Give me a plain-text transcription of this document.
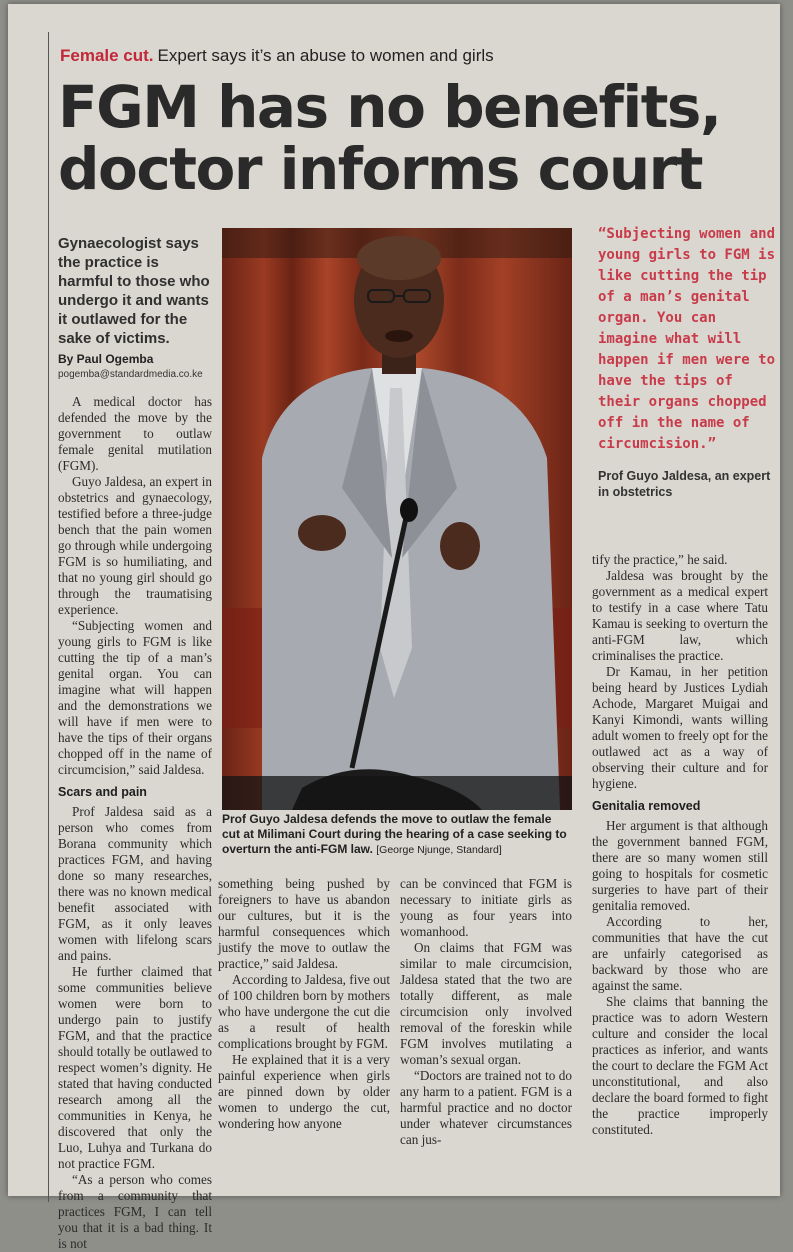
Female cut. Expert says it’s an abuse to women and girls
FGM has no benefits,
doctor informs court
Gynaecologist says the practice is harmful to those who undergo it and wants it outlawed for the sake of victims.
By Paul Ogemba
pogemba@standardmedia.co.ke

A medical doctor has defended the move by the government to outlaw female genital mutilation (FGM).

Guyo Jaldesa, an expert in obstetrics and gynaecology, testified before a three-judge bench that the pain women go through while undergoing FGM is so humiliating, and that no young girl should go through the traumatising experience.

“Subjecting women and young girls to FGM is like cutting the tip of a man’s genital organ. You can imagine what will happen and the demonstrations we will have if men were to have the tips of their organs chopped off in the name of circumcision,” said Jaldesa.

Scars and pain

Prof Jaldesa said as a person who comes from Borana community which practices FGM, and having done so many researches, there was no known medical benefit associated with FGM, as it only leaves women with lifelong scars and pains.

He further claimed that some communities believe women were born to undergo pain to justify FGM, and that the practice should totally be outlawed to respect women’s dignity. He stated that having conducted research among all the communities in Kenya, he discovered that only the Luo, Luhya and Turkana do not practice FGM.

“As a person who comes from a community that practices FGM, I can tell you that it is a bad thing. It is not

Prof Guyo Jaldesa defends the move to outlaw the female cut at Milimani Court during the hearing of a case seeking to overturn the anti-FGM law. [George Njunge, Standard]

something being pushed by foreigners to have us abandon our cultures, but it is the harmful consequences which justify the move to outlaw the practice,” said Jaldesa.

According to Jaldesa, five out of 100 children born by mothers who have undergone the cut die as a result of health complications brought by FGM.

He explained that it is a very painful experience when girls are pinned down by older women to undergo the cut, wondering how anyone

can be convinced that FGM is necessary to initiate girls as young as four years into womanhood.

On claims that FGM was similar to male circumcision, Jaldesa stated that the two are totally different, as male circumcision only involved removal of the foreskin while FGM involves mutilating a woman’s sexual organ.

“Doctors are trained not to do any harm to a patient. FGM is a harmful practice and no doctor under whatever circumstances can jus-

“Subjecting women and young girls to FGM is like cutting the tip of a man’s genital organ. You can imagine what will happen if men were to have the tips of their organs chopped off in the name of circumcision.”
Prof Guyo Jaldesa, an expert in obstetrics

tify the practice,” he said.

Jaldesa was brought by the government as a medical expert to testify in a case where Tatu Kamau is seeking to overturn the anti-FGM law, which criminalises the practice.

Dr Kamau, in her petition being heard by Justices Lydiah Achode, Margaret Muigai and Kanyi Kimondi, wants willing adult women to freely opt for the outlawed act as a way of observing their culture and for hygiene.

Genitalia removed

Her argument is that although the government banned FGM, there are so many women still going to hospitals for cosmetic surgeries to have part of their genitalia removed.

According to her, communities that have the cut are unfairly categorised as backward by those who are against the same.

She claims that banning the practice was to adorn Western culture and consider the local practices as inferior, and wants the court to declare the FGM Act unconstitutional, and also declare the board formed to fight the practice improperly constituted.
